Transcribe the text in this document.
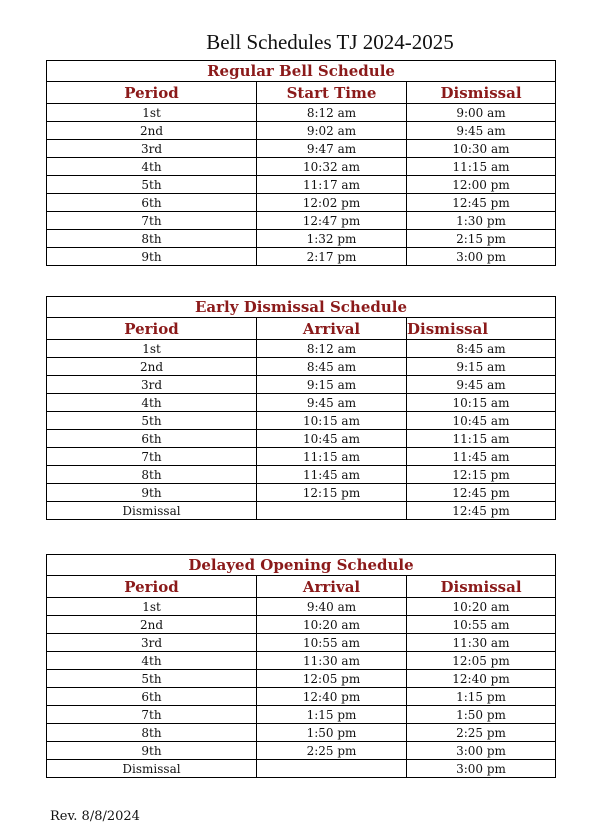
Bell Schedules TJ 2024-2025
Regular Bell Schedule		
Period	Start Time	Dismissal
1st	8:12 am	9:00 am
2nd	9:02 am	9:45 am
3rd	9:47 am	10:30 am
4th	10:32 am	11:15 am
5th	11:17 am	12:00 pm
6th	12:02 pm	12:45 pm
7th	12:47 pm	1:30 pm
8th	1:32 pm	2:15 pm
9th	2:17 pm	3:00 pm
Early Dismissal Schedule		
Period	Arrival	Dismissal
1st	8:12 am	8:45 am
2nd	8:45 am	9:15 am
3rd	9:15 am	9:45 am
4th	9:45 am	10:15 am
5th	10:15 am	10:45 am
6th	10:45 am	11:15 am
7th	11:15 am	11:45 am
8th	11:45 am	12:15 pm
9th	12:15 pm	12:45 pm
Dismissal		12:45 pm
Delayed Opening Schedule		
Period	Arrival	Dismissal
1st	9:40 am	10:20 am
2nd	10:20 am	10:55 am
3rd	10:55 am	11:30 am
4th	11:30 am	12:05 pm
5th	12:05 pm	12:40 pm
6th	12:40 pm	1:15 pm
7th	1:15 pm	1:50 pm
8th	1:50 pm	2:25 pm
9th	2:25 pm	3:00 pm
Dismissal		3:00 pm
Rev. 8/8/2024
